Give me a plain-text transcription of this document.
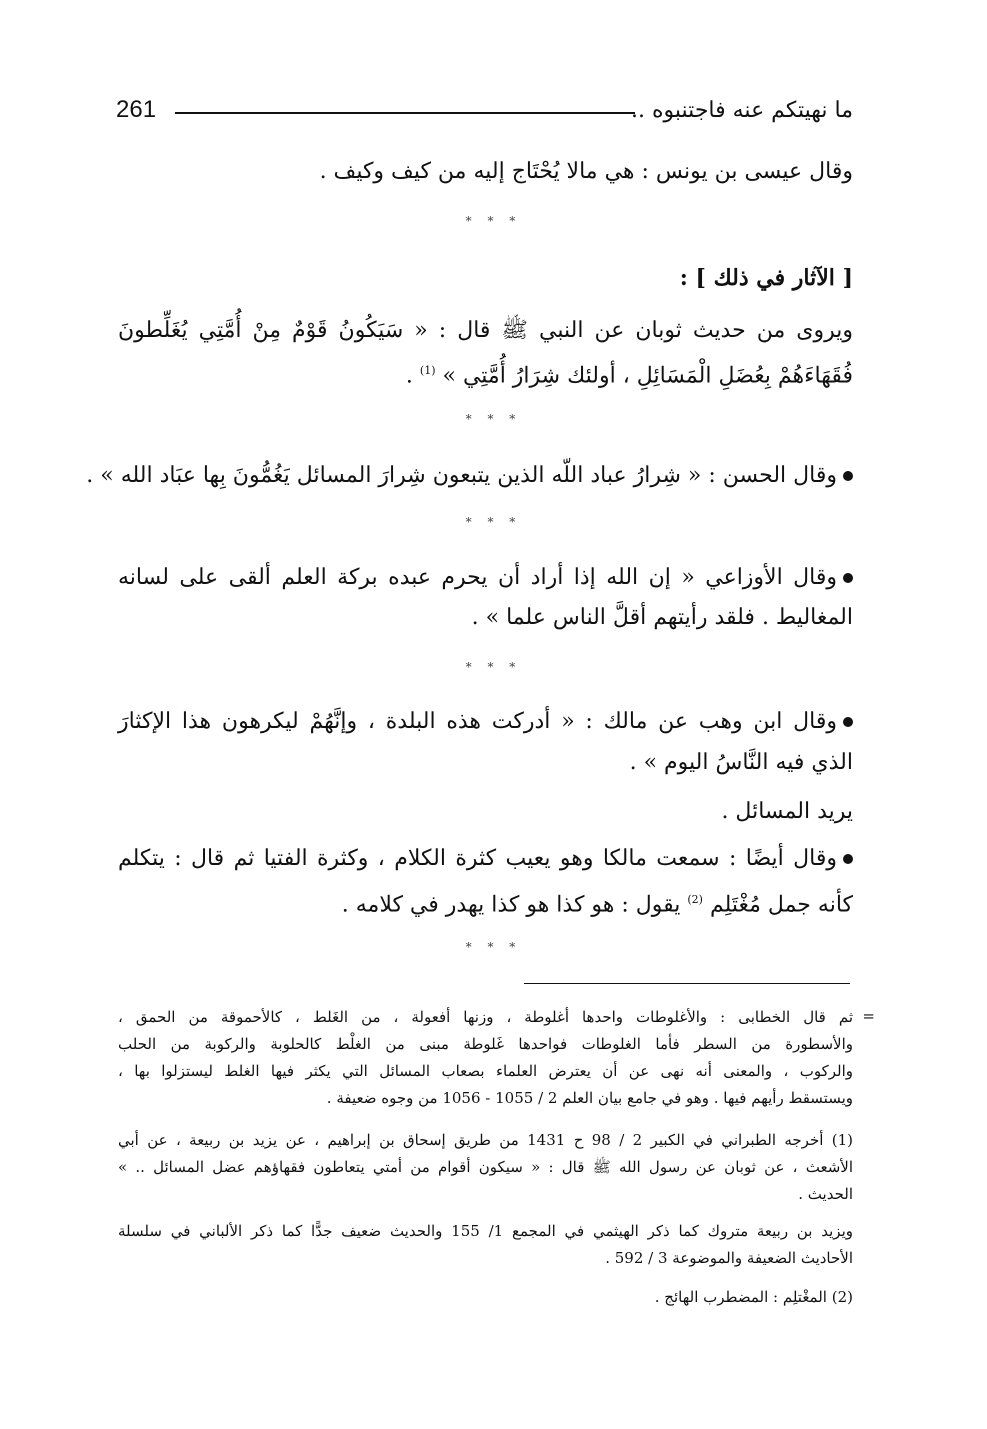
ما نهيتكم عنه فاجتنبوه ..
261
وقال عيسى بن يونس : هي مالا يُحْتَاج إليه من كيف وكيف .
* * *
[ الآثار في ذلك ] :
ويروى من حديث ثوبان عن النبي ﷺ قال : « سَيَكُونُ قَوْمٌ مِنْ أُمَّتِي يُغَلِّطونَ
فُقَهَاءَهُمْ بِعُضَلِ الْمَسَائِلِ ، أولئك شِرَارُ أُمَّتِي » $^{(1)}$ .
* * *
وقال الحسن : « شِرارُ عباد اللّه الذين يتبعون شِرارَ المسائل يَغُمُّونَ بِها عبَاد الله » .
* * *
وقال الأوزاعي « إن الله إذا أراد أن يحرم عبده بركة العلم ألقى على لسانه
المغاليط . فلقد رأيتهم أقلَّ الناس علما » .
* * *
وقال ابن وهب عن مالك : « أدركت هذه البلدة ، وإنَّهُمْ ليكرهون هذا الإكثارَ
الذي فيه النَّاسُ اليوم » .
يريد المسائل .
وقال أيضًا : سمعت مالكا وهو يعيب كثرة الكلام ، وكثرة الفتيا ثم قال : يتكلم
كأنه جمل مُغْتَلِم $^{(2)}$ يقول : هو كذا هو كذا يهدر في كلامه .
* * *
=
ثم قال الخطابى : والأغلوطات واحدها أغلوطة ، وزنها أفعولة ، من الغَلط ، كالأحموقة من الحمق ،
والأسطورة من السطر فأما الغلوطات فواحدها غَلوطة مبنى من الغلْط كالحلوبة والركوبة من الحلب
والركوب ، والمعنى أنه نهى عن أن يعترض العلماء بصعاب المسائل التي يكثر فيها الغلط ليستزلوا بها ،
ويستسقط رأيهم فيها . وهو في جامع بيان العلم 2 / 1055 - 1056 من وجوه ضعيفة .
(1) أخرجه الطبراني في الكبير 2 / 98 ح 1431 من طريق إسحاق بن إبراهيم ، عن يزيد بن ربيعة ، عن أبي
الأشعث ، عن ثوبان عن رسول الله ﷺ قال : « سيكون أقوام من أمتي يتعاطون فقهاؤهم عضل المسائل .. »
الحديث .
ويزيد بن ربيعة متروك كما ذكر الهيثمي في المجمع 1/ 155 والحديث ضعيف جدًّا كما ذكر الألباني في سلسلة
الأحاديث الضعيفة والموضوعة 3 / 592 .
(2) المغْتلِم : المضطرب الهائج .
